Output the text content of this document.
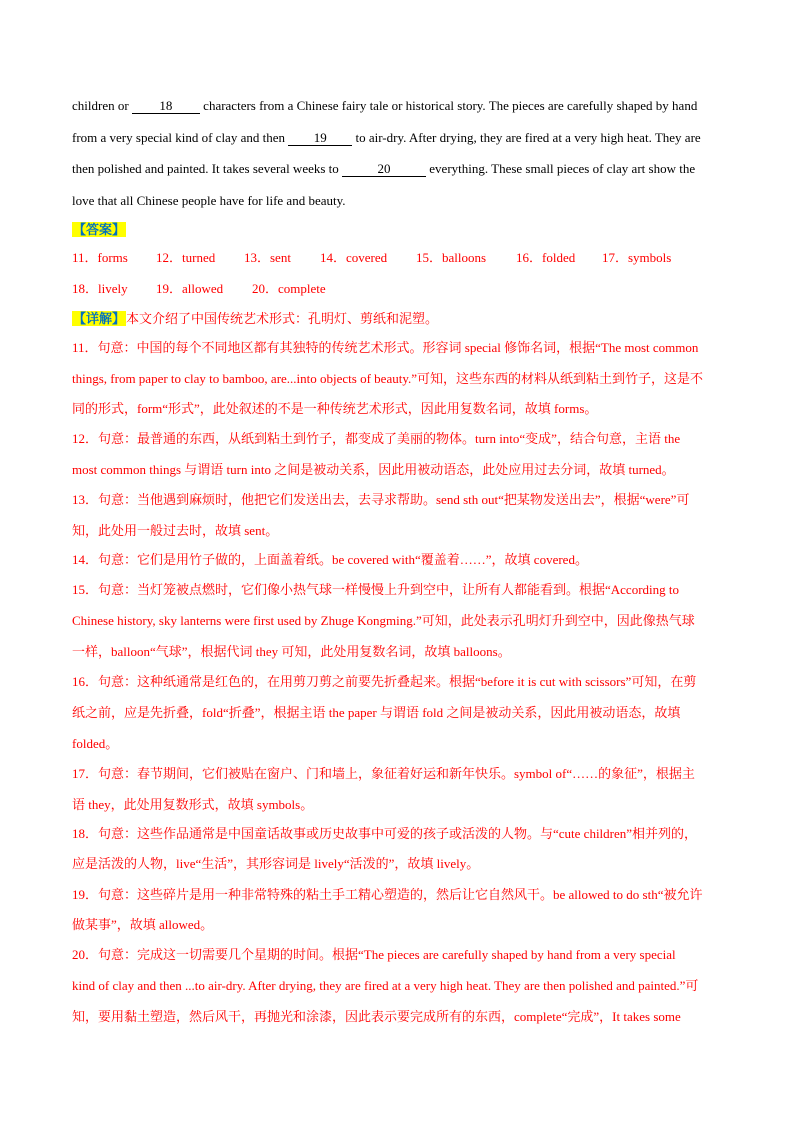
children or 18 characters from a Chinese fairy tale or historical story. The pieces are carefully shaped by hand
from a very special kind of clay and then 19 to air-dry. After drying, they are fired at a very high heat. They are
then polished and painted. It takes several weeks to	20	everything. These small pieces of clay art show the
love that all Chinese people have for life and beauty.
【答案】
11．forms 12．turned 13．sent 14．covered 15．balloons 16．folded 17．symbols
18．lively 19．allowed 20．complete
【详解】本文介绍了中国传统艺术形式：孔明灯、剪纸和泥塑。
11．句意：中国的每个不同地区都有其独特的传统艺术形式。形容词 special 修饰名词，根据“The most common
things, from paper to clay to bamboo, are...into objects of beauty.”可知，这些东西的材料从纸到粘土到竹子，这是不
同的形式，form“形式”，此处叙述的不是一种传统艺术形式，因此用复数名词，故填 forms。
12．句意：最普通的东西，从纸到粘土到竹子，都变成了美丽的物体。turn into“变成”，结合句意，主语 the
most common things 与谓语 turn into 之间是被动关系，因此用被动语态，此处应用过去分词，故填 turned。
13．句意：当他遇到麻烦时，他把它们发送出去，去寻求帮助。send sth out“把某物发送出去”，根据“were”可
知，此处用一般过去时，故填 sent。
14．句意：它们是用竹子做的，上面盖着纸。be covered with“覆盖着……”，故填 covered。
15．句意：当灯笼被点燃时，它们像小热气球一样慢慢上升到空中，让所有人都能看到。根据“According to
Chinese history, sky lanterns were first used by Zhuge Kongming.”可知，此处表示孔明灯升到空中，因此像热气球
一样，balloon“气球”，根据代词 they 可知，此处用复数名词，故填 balloons。
16．句意：这种纸通常是红色的，在用剪刀剪之前要先折叠起来。根据“before it is cut with scissors”可知，在剪
纸之前，应是先折叠，fold“折叠”，根据主语 the paper 与谓语 fold 之间是被动关系，因此用被动语态，故填
folded。
17．句意：春节期间，它们被贴在窗户、门和墙上，象征着好运和新年快乐。symbol of“……的象征”，根据主
语 they，此处用复数形式，故填 symbols。
18．句意：这些作品通常是中国童话故事或历史故事中可爱的孩子或活泼的人物。与“cute children”相并列的，
应是活泼的人物，live“生活”，其形容词是 lively“活泼的”，故填 lively。
19．句意：这些碎片是用一种非常特殊的粘土手工精心塑造的，然后让它自然风干。be allowed to do sth“被允许
做某事”，故填 allowed。
20．句意：完成这一切需要几个星期的时间。根据“The pieces are carefully shaped by hand from a very special
kind of clay and then ...to air-dry. After drying, they are fired at a very high heat. They are then polished and painted.”可
知，要用黏土塑造，然后风干，再抛光和涂漆，因此表示要完成所有的东西，complete“完成”，It takes some
